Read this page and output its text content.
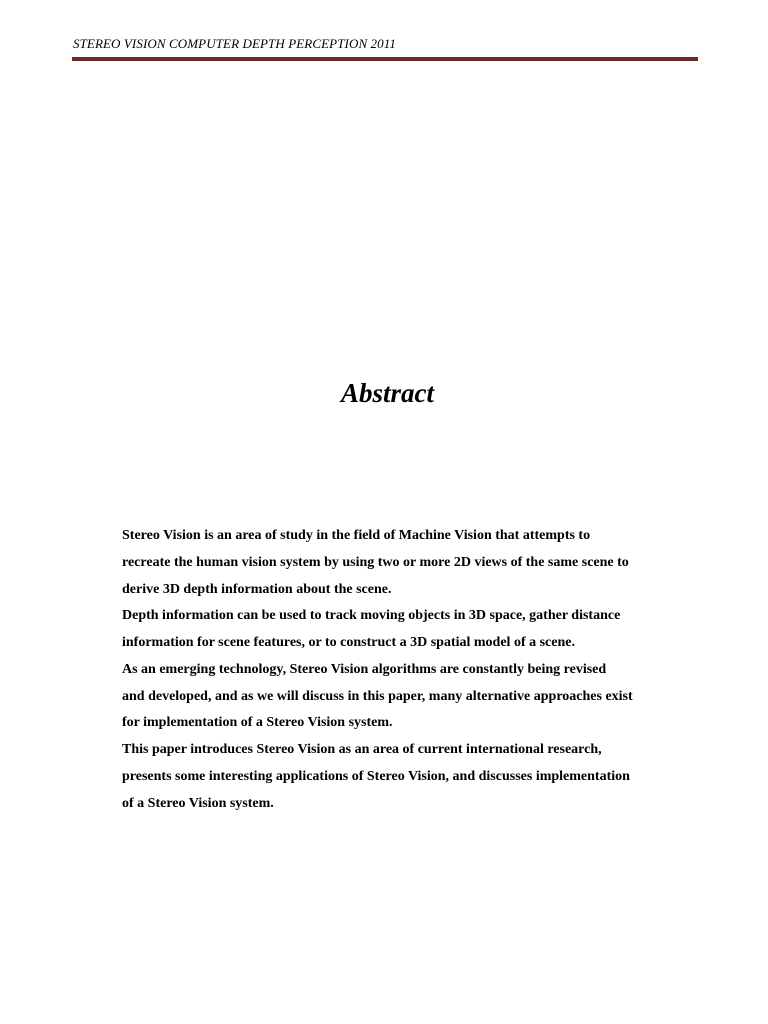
STEREO VISION COMPUTER DEPTH PERCEPTION 2011
Abstract
Stereo Vision is an area of study in the field of Machine Vision that attempts to
recreate the human vision system by using two or more 2D views of the same scene to
derive 3D depth information about the scene.
Depth information can be used to track moving objects in 3D space, gather distance
information for scene features, or to construct a 3D spatial model of a scene.
As an emerging technology, Stereo Vision algorithms are constantly being revised
and developed, and as we will discuss in this paper, many alternative approaches exist
for implementation of a Stereo Vision system.
This paper introduces Stereo Vision as an area of current international research,
presents some interesting applications of Stereo Vision, and discusses implementation
of a Stereo Vision system.
